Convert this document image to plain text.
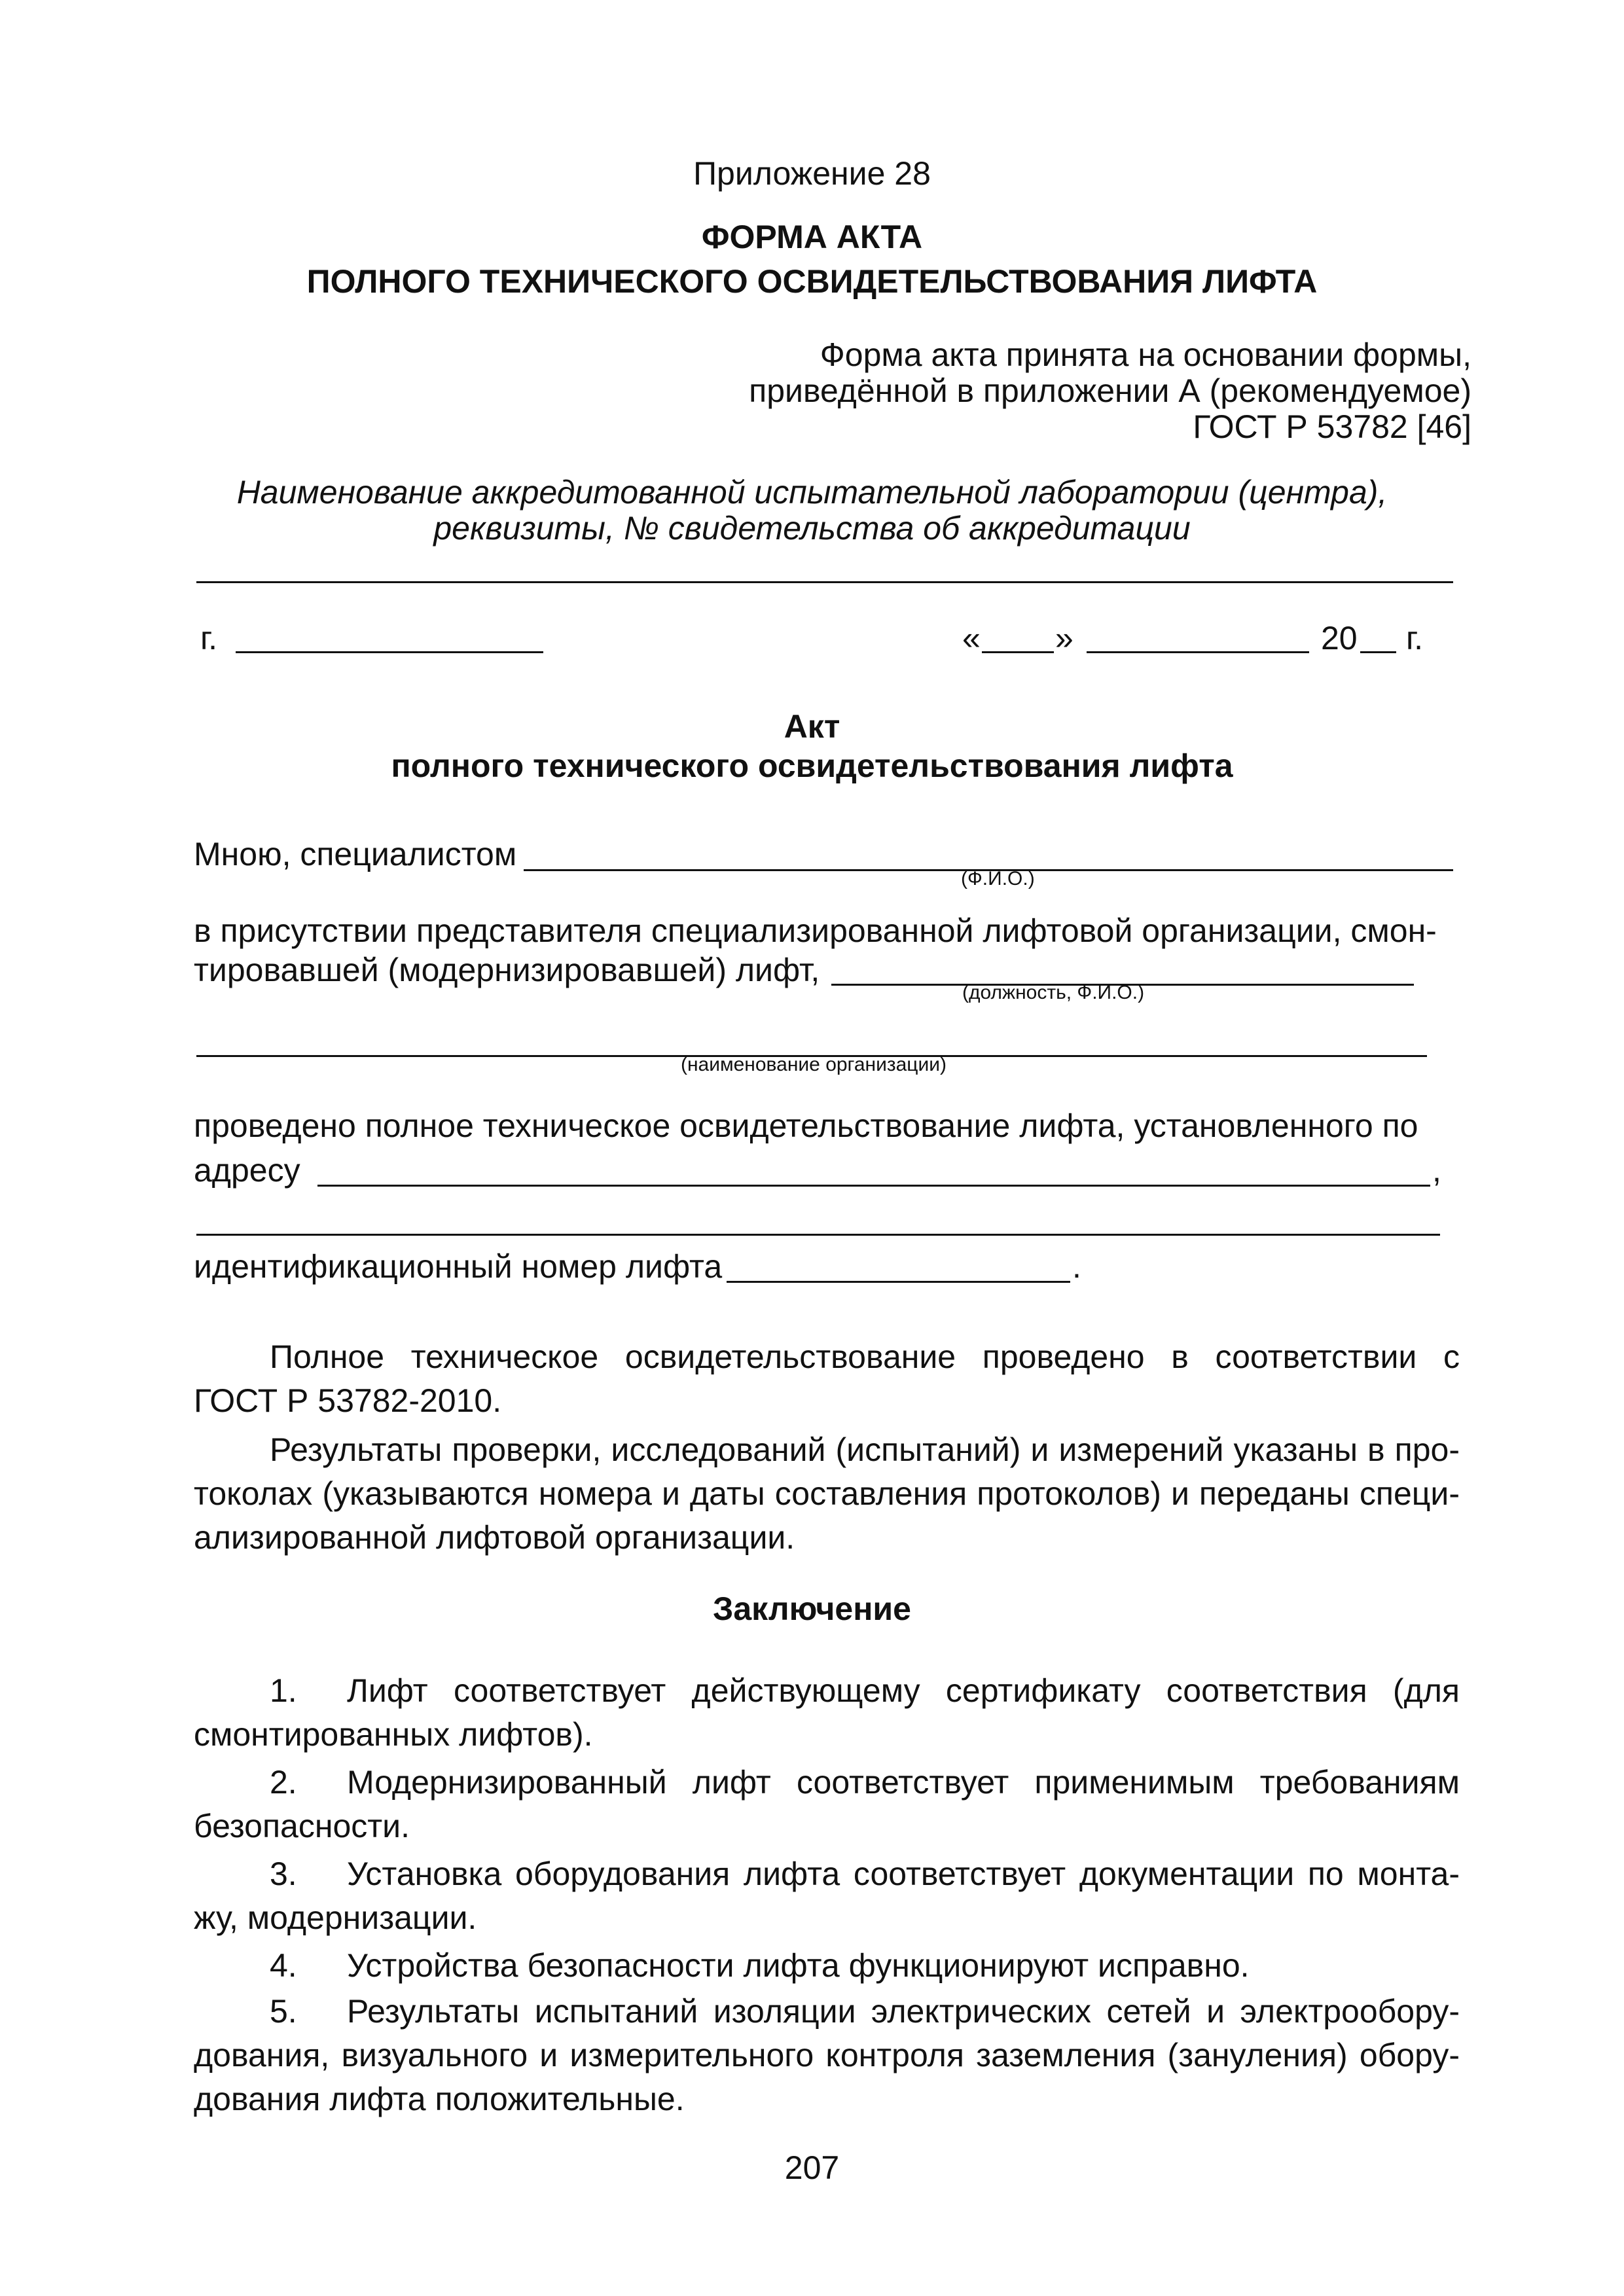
Приложение 28
ФОРМА АКТА
ПОЛНОГО ТЕХНИЧЕСКОГО ОСВИДЕТЕЛЬСТВОВАНИЯ ЛИФТА
Форма акта принята на основании формы,
приведённой в приложении А (рекомендуемое)
ГОСТ Р 53782 [46]
Наименование аккредитованной испытательной лаборатории (центра),
реквизиты, № свидетельства об аккредитации
г.	« »	20 г.
Акт
полного технического освидетельствования лифта
Мною, специалистом
(Ф.И.О.)
в присутствии представителя специализированной лифтовой организации, смон-
тировавшей (модернизировавшей) лифт,
(должность, Ф.И.О.)
(наименование организации)
проведено полное техническое освидетельствование лифта, установленного по
адресу	,
идентификационный номер лифта	.
Полное техническое освидетельствование проведено в соответствии с
ГОСТ Р 53782-2010.
Результаты проверки, исследований (испытаний) и измерений указаны в про-
токолах (указываются номера и даты составления протоколов) и переданы специ-
ализированной лифтовой организации.
Заключение
1. Лифт соответствует действующему сертификату соответствия (для
смонтированных лифтов).
2. Модернизированный лифт соответствует применимым требованиям
безопасности.
3. Установка оборудования лифта соответствует документации по монта-
жу, модернизации.
4. Устройства безопасности лифта функционируют исправно.
5. Результаты испытаний изоляции электрических сетей и электрообору-
дования, визуального и измерительного контроля заземления (зануления) обору-
дования лифта положительные.
207
